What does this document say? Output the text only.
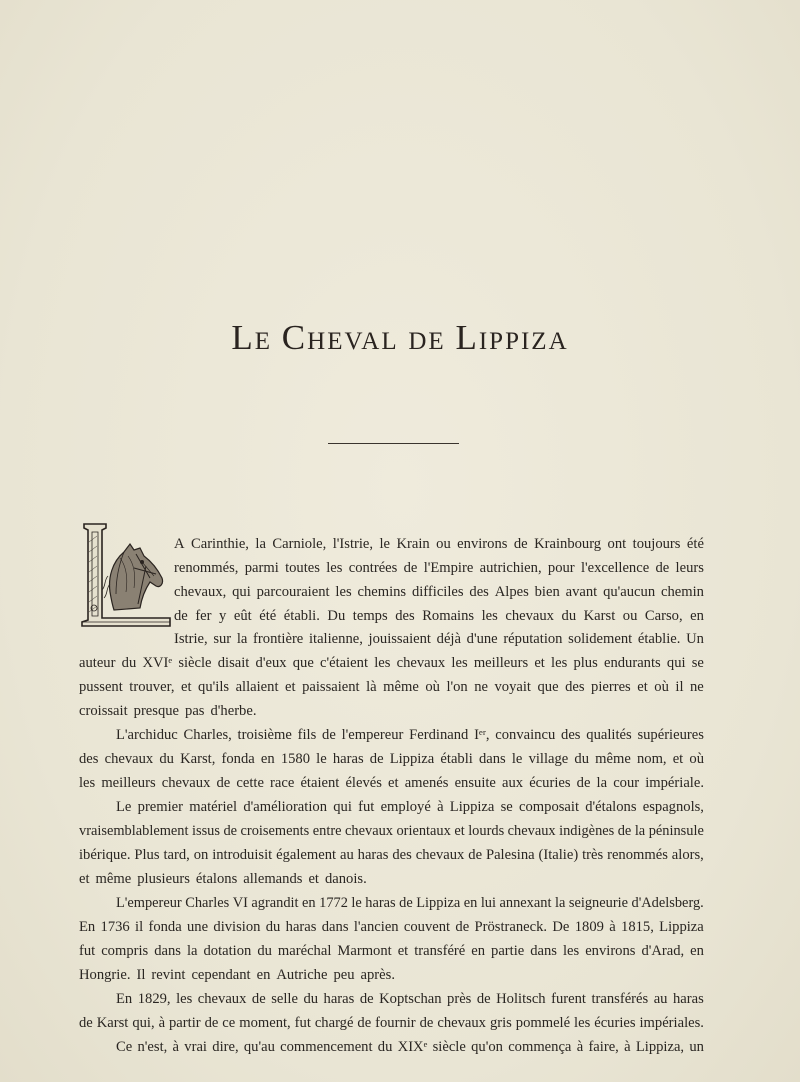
LE CHEVAL DE LIPPIZA
A Carinthie, la Carniole, l'Istrie, le Krain ou environs de Krainbourg ont toujours été
renommés, parmi toutes les contrées de l'Empire autrichien, pour l'excellence de leurs
chevaux, qui parcouraient les chemins difficiles des Alpes bien avant qu'aucun chemin
de fer y eût été établi. Du temps des Romains les chevaux du Karst ou Carso, en
Istrie, sur la frontière italienne, jouissaient déjà d'une réputation solidement établie. Un
auteur du XVIᵉ siècle disait d'eux que c'étaient les chevaux les meilleurs et les plus endurants qui se
pussent trouver, et qu'ils allaient et paissaient là même où l'on ne voyait que des pierres et où il ne
croissait presque pas d'herbe.
L'archiduc Charles, troisième fils de l'empereur Ferdinand Iᵉʳ, convaincu des qualités supérieures
des chevaux du Karst, fonda en 1580 le haras de Lippiza établi dans le village du même nom, et où
les meilleurs chevaux de cette race étaient élevés et amenés ensuite aux écuries de la cour impériale.
Le premier matériel d'amélioration qui fut employé à Lippiza se composait d'étalons espagnols,
vraisemblablement issus de croisements entre chevaux orientaux et lourds chevaux indigènes de la péninsule
ibérique. Plus tard, on introduisit également au haras des chevaux de Palesina (Italie) très renommés alors,
et même plusieurs étalons allemands et danois.
L'empereur Charles VI agrandit en 1772 le haras de Lippiza en lui annexant la seigneurie d'Adelsberg.
En 1736 il fonda une division du haras dans l'ancien couvent de Pröstraneck. De 1809 à 1815, Lippiza
fut compris dans la dotation du maréchal Marmont et transféré en partie dans les environs d'Arad, en
Hongrie. Il revint cependant en Autriche peu après.
En 1829, les chevaux de selle du haras de Koptschan près de Holitsch furent transférés au haras
de Karst qui, à partir de ce moment, fut chargé de fournir de chevaux gris pommelé les écuries impériales.
Ce n'est, à vrai dire, qu'au commencement du XIXᵉ siècle qu'on commença à faire, à Lippiza, un
